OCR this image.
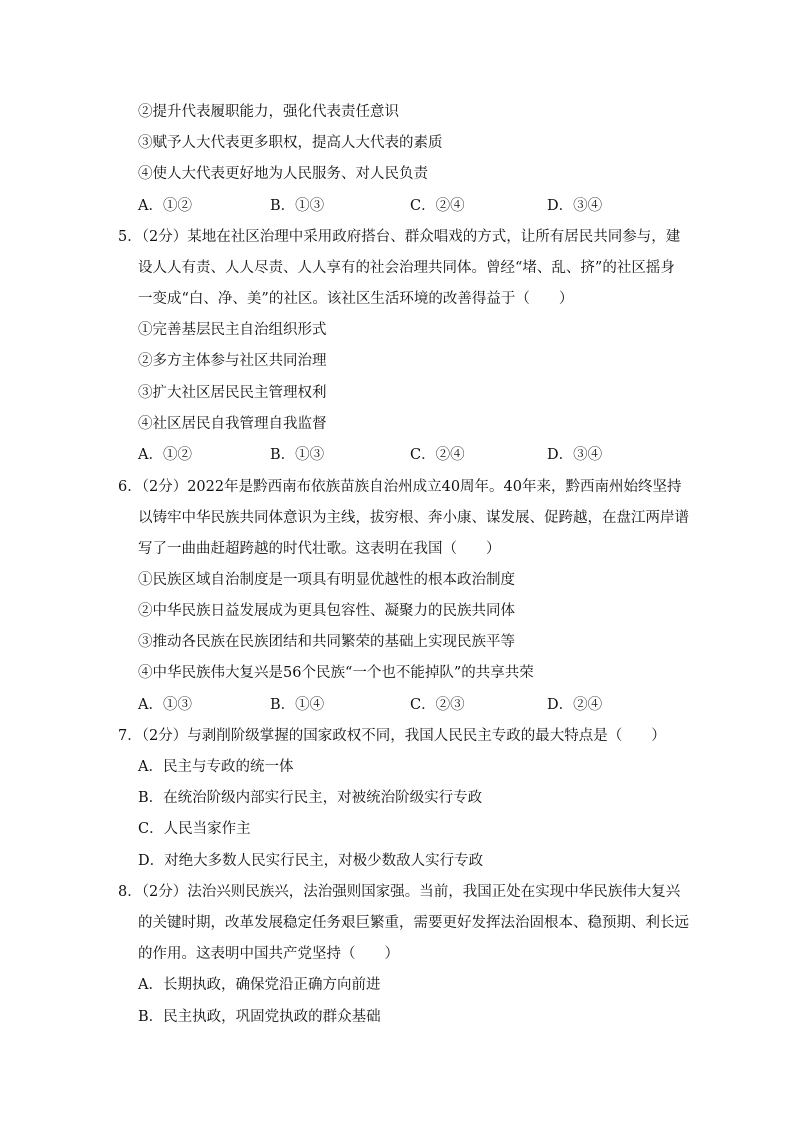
②提升代表履职能力，强化代表责任意识
③赋予人大代表更多职权，提高人大代表的素质
④使人大代表更好地为人民服务、对人民负责
A．①②	B．①③	C．②④	D．③④
5．（2分）某地在社区治理中采用政府搭台、群众唱戏的方式，让所有居民共同参与，建
设人人有责、人人尽责、人人享有的社会治理共同体。曾经“堵、乱、挤”的社区摇身
一变成“白、净、美”的社区。该社区生活环境的改善得益于（　　）
①完善基层民主自治组织形式
②多方主体参与社区共同治理
③扩大社区居民民主管理权利
④社区居民自我管理自我监督
A．①②	B．①③	C．②④	D．③④
6．（2分）2022年是黔西南布依族苗族自治州成立40周年。40年来，黔西南州始终坚持
以铸牢中华民族共同体意识为主线，拔穷根、奔小康、谋发展、促跨越，在盘江两岸谱
写了一曲曲赶超跨越的时代壮歌。这表明在我国（　　）
①民族区域自治制度是一项具有明显优越性的根本政治制度
②中华民族日益发展成为更具包容性、凝聚力的民族共同体
③推动各民族在民族团结和共同繁荣的基础上实现民族平等
④中华民族伟大复兴是56个民族“一个也不能掉队”的共享共荣
A．①③	B．①④	C．②③	D．②④
7．（2分）与剥削阶级掌握的国家政权不同，我国人民民主专政的最大特点是（　　）
A．民主与专政的统一体
B．在统治阶级内部实行民主，对被统治阶级实行专政
C．人民当家作主
D．对绝大多数人民实行民主，对极少数敌人实行专政
8．（2分）法治兴则民族兴，法治强则国家强。当前，我国正处在实现中华民族伟大复兴
的关键时期，改革发展稳定任务艰巨繁重，需要更好发挥法治固根本、稳预期、利长远
的作用。这表明中国共产党坚持（　　）
A．长期执政，确保党沿正确方向前进
B．民主执政，巩固党执政的群众基础
